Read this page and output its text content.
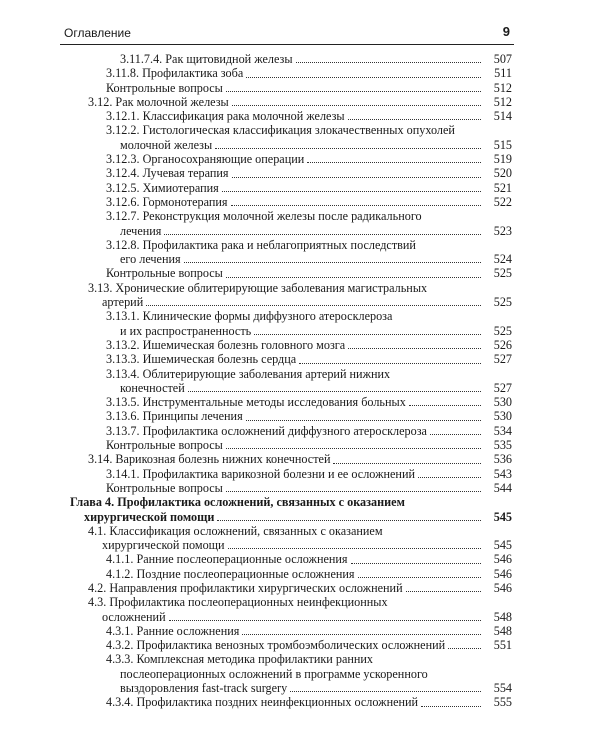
Оглавление	9
3.11.7.4. Рак щитовидной железы	507
3.11.8. Профилактика зоба	511
Контрольные вопросы	512
3.12. Рак молочной железы	512
3.12.1. Классификация рака молочной железы	514
3.12.2. Гистологическая классификация злокачественных опухолей
молочной железы	515
3.12.3. Органосохраняющие операции	519
3.12.4. Лучевая терапия	520
3.12.5. Химиотерапия	521
3.12.6. Гормонотерапия	522
3.12.7. Реконструкция молочной железы после радикального
лечения	523
3.12.8. Профилактика рака и неблагоприятных последствий
его лечения	524
Контрольные вопросы	525
3.13. Хронические облитерирующие заболевания магистральных
артерий	525
3.13.1. Клинические формы диффузного атеросклероза
и их распространенность	525
3.13.2. Ишемическая болезнь головного мозга	526
3.13.3. Ишемическая болезнь сердца	527
3.13.4. Облитерирующие заболевания артерий нижних
конечностей	527
3.13.5. Инструментальные методы исследования больных	530
3.13.6. Принципы лечения	530
3.13.7. Профилактика осложнений диффузного атеросклероза	534
Контрольные вопросы	535
3.14. Варикозная болезнь нижних конечностей	536
3.14.1. Профилактика варикозной болезни и ее осложнений	543
Контрольные вопросы	544
Глава 4. Профилактика осложнений, связанных с оказанием
хирургической помощи	545
4.1. Классификация осложнений, связанных с оказанием
хирургической помощи	545
4.1.1. Ранние послеоперационные осложнения	546
4.1.2. Поздние послеоперационные осложнения	546
4.2. Направления профилактики хирургических осложнений	546
4.3. Профилактика послеоперационных неинфекционных
осложнений	548
4.3.1. Ранние осложнения	548
4.3.2. Профилактика венозных тромбоэмболических осложнений	551
4.3.3. Комплексная методика профилактики ранних
послеоперационных осложнений в программе ускоренного
выздоровления fast-track surgery	554
4.3.4. Профилактика поздних неинфекционных осложнений	555
